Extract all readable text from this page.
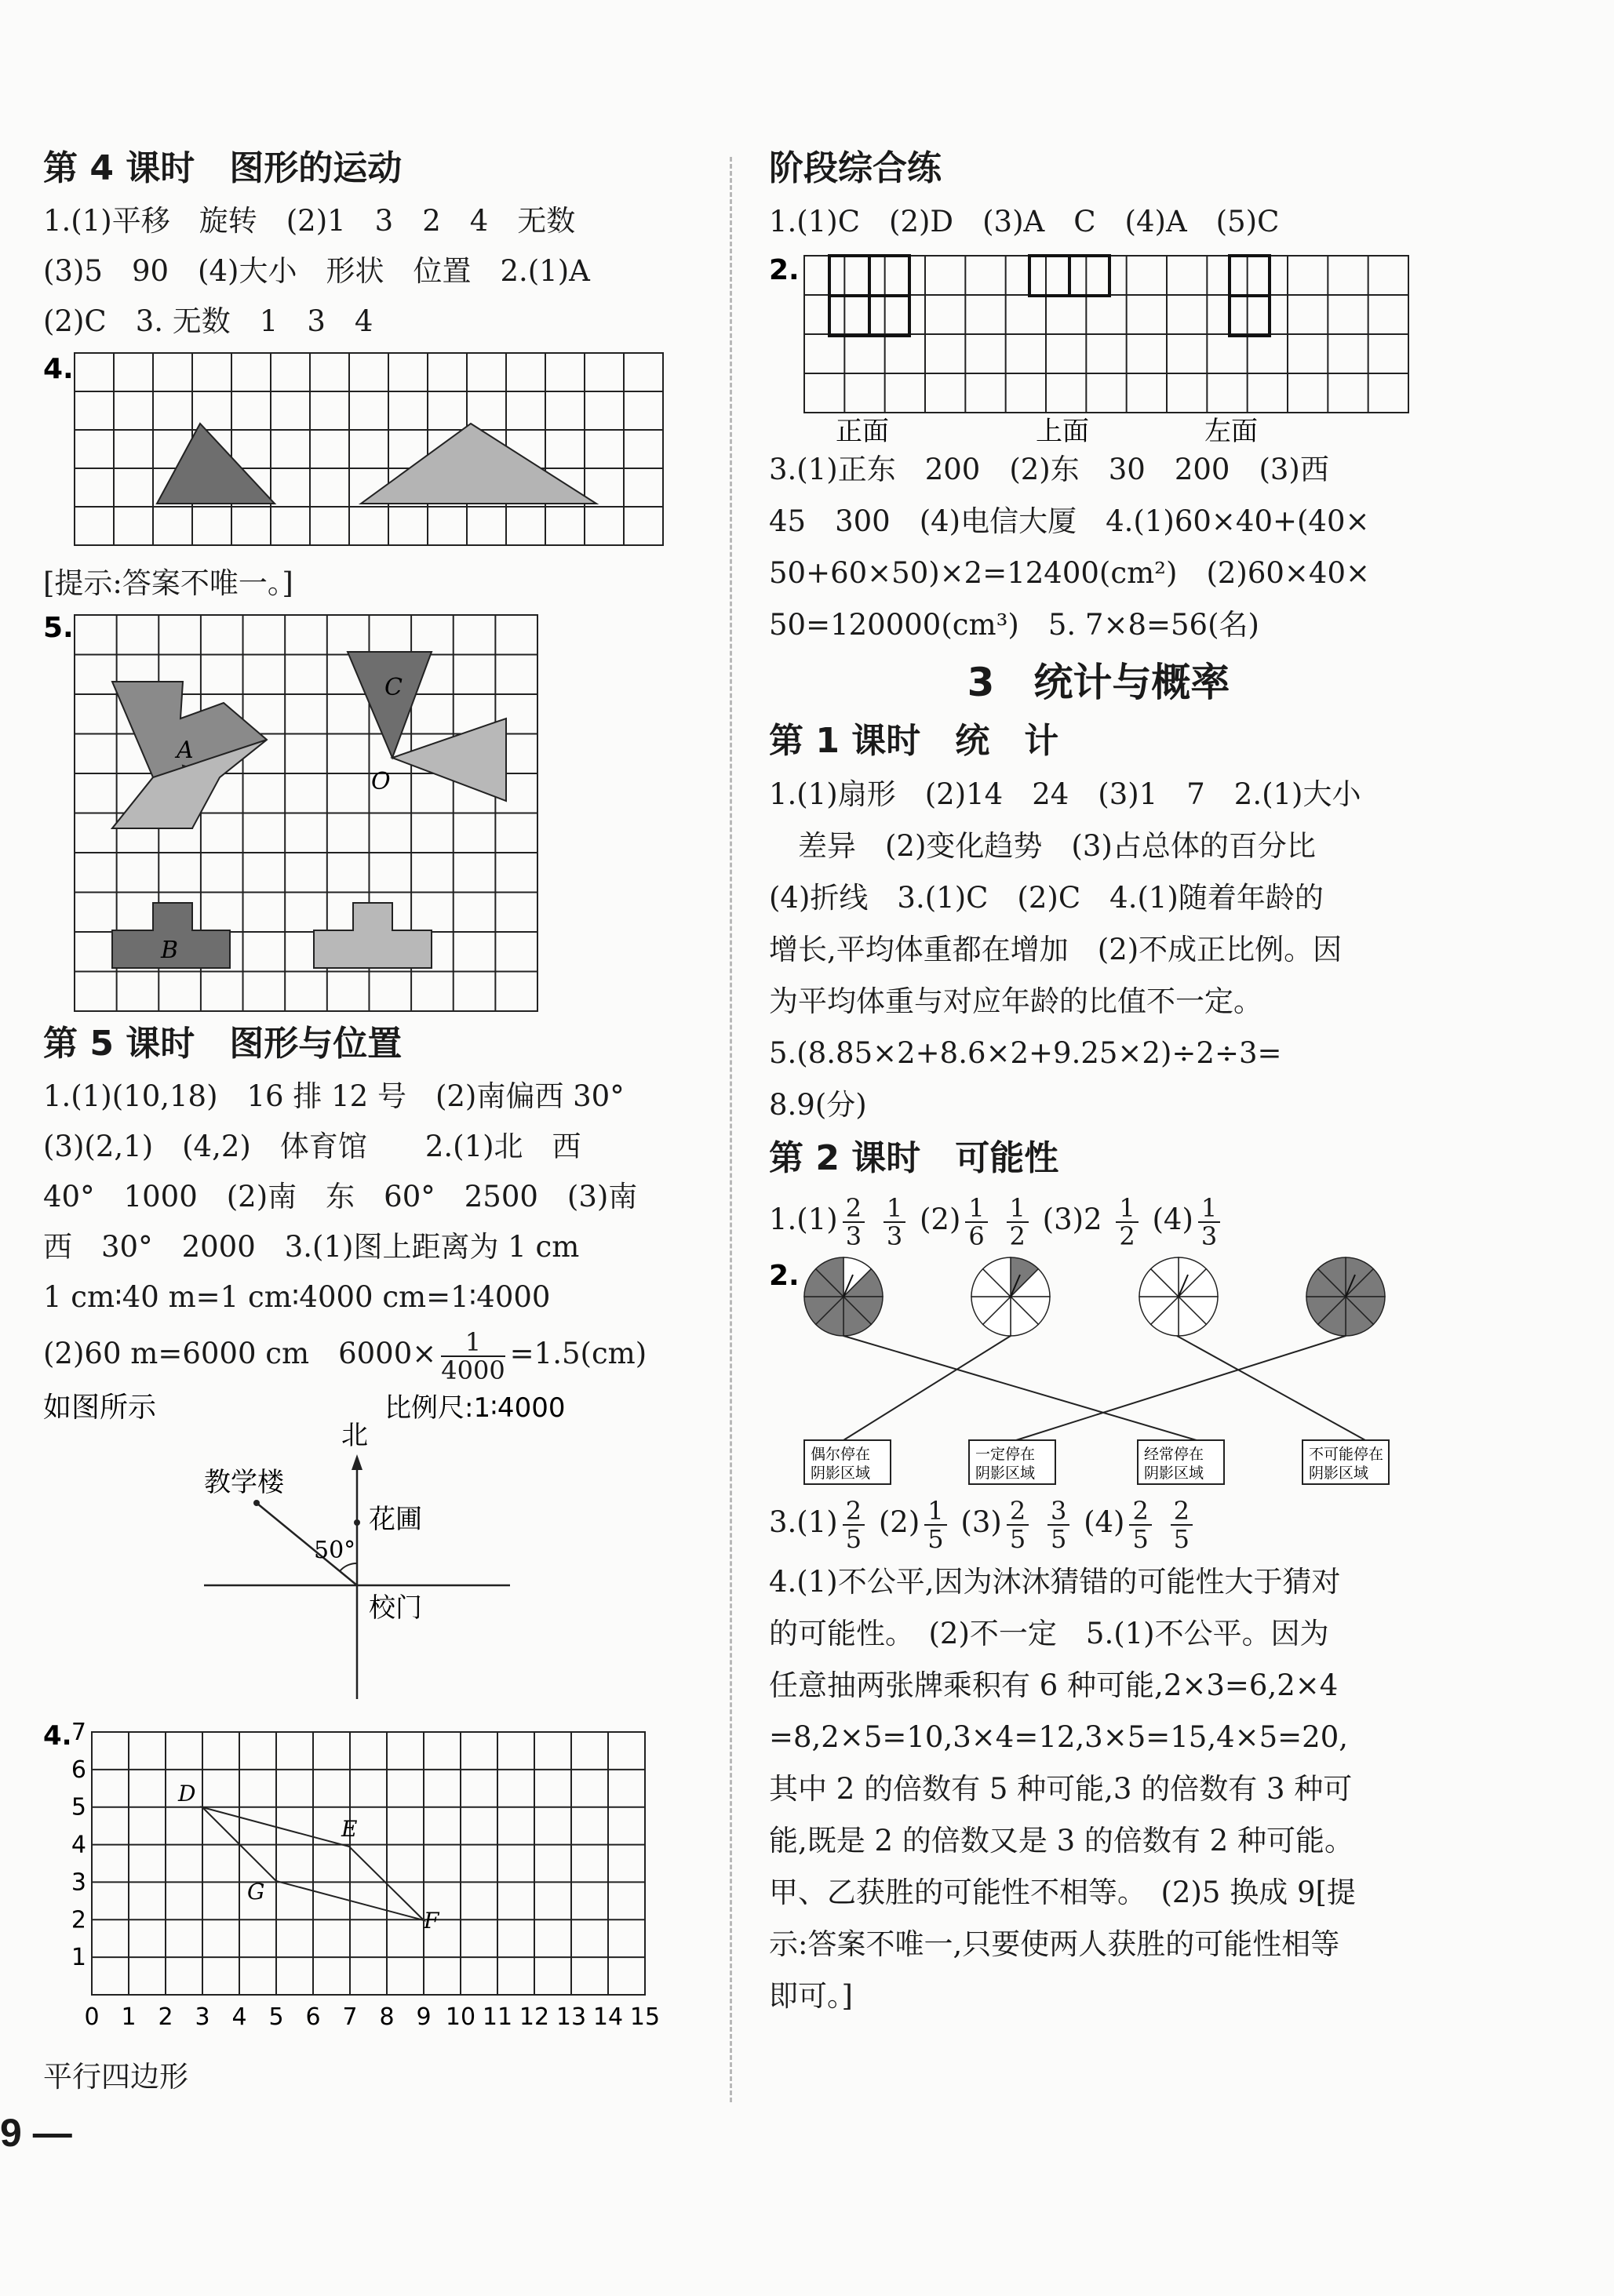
第 4 课时　图形的运动

1.(1)平移　旋转　(2)1　3　2　4　无数

(3)5　90　(4)大小　形状　位置　2.(1)A

(2)C　3. 无数　1　3　4

4.

[提示:答案不唯一。]

5.
A
B
C
O

第 5 课时　图形与位置

1.(1)(10,18)　16 排 12 号　(2)南偏西 30°

(3)(2,1)　(4,2)　体育馆　　2.(1)北　西

40°　1000　(2)南　东　60°　2500　(3)南

西　30°　2000　3.(1)图上距离为 1 cm

1 cm∶40 m=1 cm∶4000 cm=1∶4000

(2)60 m=6000 cm　$6000\times \frac{1}{4000} =1.5(cm)$

如图所示	比例尺:1∶4000
北
教学楼
花圃
50°
校门
4. 7
6
5
4
3
2
1
0 1 2 3 4 5 6 7 8 9 10 11 12 13 14 15
D
E
G
F

平行四边形

9 —

阶段综合练

1.(1)C　(2)D　(3)A　C　(4)A　(5)C

2.
正面	上面	左面

3.(1)正东　200　(2)东　30　200　(3)西

45　300　(4)电信大厦　4.(1)60×40+(40×

50+60×50)×2=12400(cm²)　(2)60×40×

50=120000(cm³)　5. 7×8=56(名)

3　统计与概率

第 1 课时　统　计

1.(1)扇形　(2)14　24　(3)1　7　2.(1)大小

　差异　(2)变化趋势　(3)占总体的百分比

(4)折线　3.(1)C　(2)C　4.(1)随着年龄的

增长,平均体重都在增加　(2)不成正比例。因

为平均体重与对应年龄的比值不一定。

5.(8.85×2+8.6×2+9.25×2)÷2÷3=

8.9(分)

第 2 课时　可能性

$1.(1) \frac{2}{3}$
$\frac{1}{3} (2) \frac{1}{6}$
$\frac{1}{2} (3)2 \frac{1}{2} (4) \frac{1}{3}$

2.
偶尔停在
阴影区域
一定停在
阴影区域
经常停在
阴影区域
不可能停在
阴影区域

$3.(1) \frac{2}{5} (2) \frac{1}{5} (3) \frac{2}{5}$
$\frac{3}{5} (4) \frac{2}{5}$
$\frac{2}{5}$

4.(1)不公平,因为沐沐猜错的可能性大于猜对

的可能性。　(2)不一定　5.(1)不公平。因为

任意抽两张牌乘积有 6 种可能,2×3=6,2×4

=8,2×5=10,3×4=12,3×5=15,4×5=20,

其中 2 的倍数有 5 种可能,3 的倍数有 3 种可

能,既是 2 的倍数又是 3 的倍数有 2 种可能。

甲、乙获胜的可能性不相等。　(2)5 换成 9[提

示:答案不唯一,只要使两人获胜的可能性相等

即可。]
